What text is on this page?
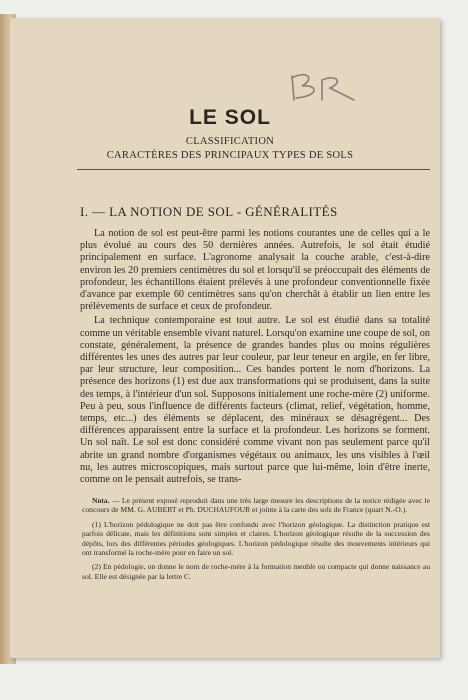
LE SOL
CLASSIFICATION
CARACTÈRES DES PRINCIPAUX TYPES DE SOLS
I. — LA NOTION DE SOL - GÉNÉRALITÉS

La notion de sol est peut-être parmi les notions courantes une de celles qui a le plus évolué au cours des 50 dernières années. Autrefois, le sol était étudié principalement en surface. L'agronome analysait la couche arable, c'est-à-dire environ les 20 premiers centimètres du sol et lorsqu'il se préoccupait des éléments de profondeur, les échantillons étaient prélevés à une profondeur conventionnelle fixée d'avance par exemple 60 centimètres sans qu'on cherchât à établir un lien entre les prélèvements de surface et ceux de profondeur.

La technique contemporaine est tout autre. Le sol est étudié dans sa totalité comme un véritable ensemble vivant naturel. Lorsqu'on examine une coupe de sol, on constate, généralement, la présence de grandes bandes plus ou moins régulières différentes les unes des autres par leur couleur, par leur teneur en argile, en fer libre, par leur structure, leur composition... Ces bandes portent le nom d'horizons. La présence des horizons (1) est due aux transformations qui se produisent, dans la suite des temps, à l'intérieur d'un sol. Supposons initialement une roche-mère (2) uniforme. Peu à peu, sous l'influence de différents facteurs (climat, relief, végétation, homme, temps, etc...) des éléments se déplacent, des minéraux se désagrègent... Des différences apparaissent entre la surface et la profondeur. Les horizons se forment. Un sol naît. Le sol est donc considéré comme vivant non pas seulement parce qu'il abrite un grand nombre d'organismes végétaux ou animaux, les uns visibles à l'œil nu, les autres microscopiques, mais surtout parce que lui-même, loin d'être inerte, comme on le pensait autrefois, se trans-

Nota. — Le présent exposé reproduit dans une très large mesure les descriptions de la notice rédigée avec le concours de MM. G. AUBERT et Ph. DUCHAUFOUR et jointe à la carte des sols de France (quart N.-O.).

(1) L'horizon pédologique ne doit pas être confondu avec l'horizon géologique. La distinction pratique est parfois délicate, mais les définitions sont simples et claires. L'horizon géologique résulte de la succession des dépôts, lors des différentes périodes géologiques. L'horizon pédologique résulte des mouvements intérieurs qui ont transformé la roche-mère pour en faire un sol.

(2) En pédologie, on donne le nom de roche-mère à la formation meuble ou compacte qui donne naissance au sol. Elle est désignée par la lettre C.
